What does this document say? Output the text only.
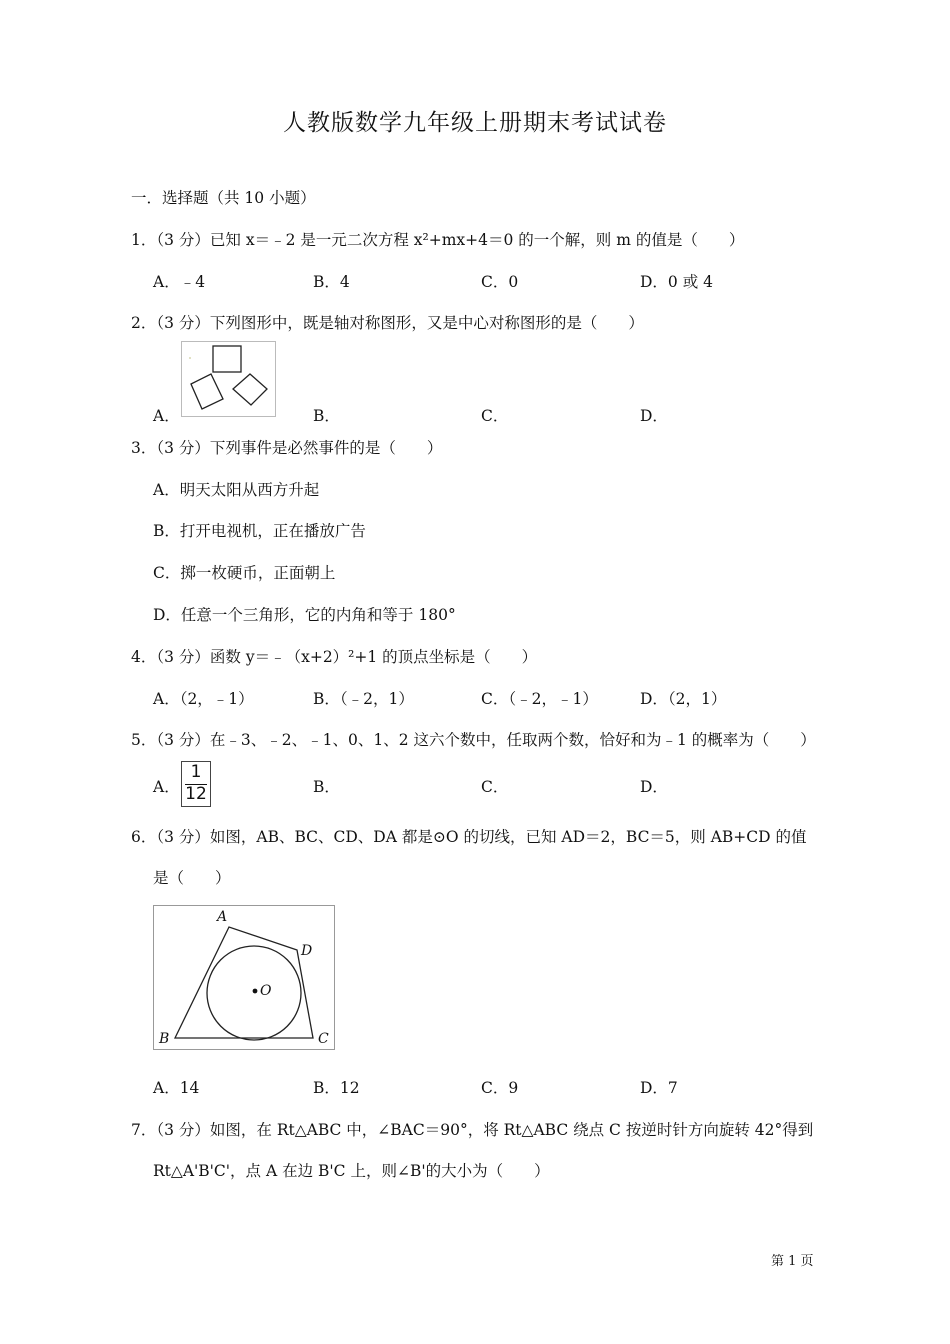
人教版数学九年级上册期末考试试卷
一．选择题（共 10 小题）
1．（3 分）已知 x＝﹣2 是一元二次方程 x²+mx+4＝0 的一个解，则 m 的值是（　　）
A．﹣4	B．4	C．0	D．0 或 4
2．（3 分）下列图形中，既是轴对称图形，又是中心对称图形的是（　　）
A．	B．	C．	D．
3．（3 分）下列事件是必然事件的是（　　）
A．明天太阳从西方升起
B．打开电视机，正在播放广告
C．掷一枚硬币，正面朝上
D．任意一个三角形，它的内角和等于 180°
4．（3 分）函数 y＝﹣（x+2）²+1 的顶点坐标是（　　）
A．（2，﹣1）	B．（﹣2，1）	C．（﹣2，﹣1）	D．（2，1）
5．（3 分）在﹣3、﹣2、﹣1、0、1、2 这六个数中，任取两个数，恰好和为﹣1 的概率为（　　）
A．
1
12	B．	C．	D．
6．（3 分）如图，AB、BC、CD、DA 都是⊙O 的切线，已知 AD＝2，BC＝5，则 AB+CD 的值
是（　　）
A
D
O
B	C
A．14	B．12	C．9	D．7
7．（3 分）如图，在 Rt△ABC 中，∠BAC＝90°，将 Rt△ABC 绕点 C 按逆时针方向旋转 42°得到
Rt△A'B'C'，点 A 在边 B'C 上，则∠B'的大小为（　　）
第 1 页
